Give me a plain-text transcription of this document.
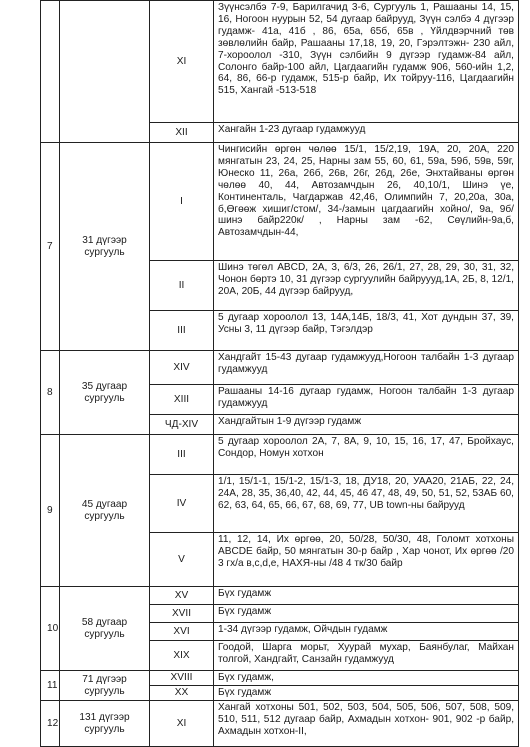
		XI	Зүүнсэлбэ 7-9, Барилгачид 3-6, Сургууль 1, Рашааны 14, 15, 16, Ногоон нуурын 52, 54 дугаар байрууд, Зүүн сэлбэ 4 дүгээр гудамж- 41а, 41б , 86, 65а, 65б, 65в , Үйлдвэрчний төв зөвлөлийн байр, Рашааны 17,18, 19, 20, Гэрэлтэжн- 230 айл, 7-хороолол -310, Зүүн сэлбийн 9 дүгээр гудамж-84 айл, Солонго байр-100 айл, Цагдаагийн гудамж 906, 560-ийн 1,2, 64, 86, 66-р гудамж, 515-р байр, Их тойруу-116, Цагдаагийн 515, Хангай -513-518
		XII	Хангайн 1-23 дугаар гудамжууд
7	31 дүгээр сургууль	I	Чингисийн өргөн чөлөө 15/1, 15/2,19, 19А, 20, 20А, 220 мянгатын 23, 24, 25, Нарны зам 55, 60, 61, 59а, 59б, 59в, 59г, Юнеско 11, 26а, 26б, 26в, 26г, 26д, 26е, Энхтайваны өргөн чөлөө 40, 44, Автозамчдын 26, 40,10/1, Шинэ үе, Континенталь, Чагдаржав 42,46, Олимпийн 7, 20,20а, 30а, б,Өгөөж хишиг/стом/, 34-/замын цагдаагийн хойно/, 9а, 9б/шинэ байр220к/ , Нарны зам -62, Сөүлийн-9а,б, Автозамчдын-44,
		II	Шинэ төгөл ABCD, 2A, 3, 6/3, 26, 26/1, 27, 28, 29, 30, 31, 32, Чонон бөртэ 10, 31 дүгээр сургуулийн байруууд,1А, 2Б, 8, 12/1, 20А, 20Б, 44 дүгээр байрууд,
		III	5 дугаар хороолол 13, 14А,14Б, 18/3, 41, Хот дундын 37, 39, Усны 3, 11 дүгээр байр, Тэгэлдэр
8	35 дугаар сургууль	XIV	Хандгайт 15-43 дугаар гудамжууд,Ногоон талбайн 1-3 дугаар гудамжууд
		XIII	Рашааны 14-16 дугаар гудамж, Ногоон талбайн 1-3 дугаар гудамжууд
		ЧД-XIV	Хандгайтын 1-9 дүгээр гудамж
9	45 дугаар сургууль	III	5 дугаар хороолол 2А, 7, 8А, 9, 10, 15, 16, 17, 47, Бройхаус, Сондор, Номун хотхон
		IV	1/1, 15/1-1, 15/1-2, 15/1-3, 18, ДУ18, 20, УАА20, 21АБ, 22, 24, 24А, 28, 35, 36,40, 42, 44, 45, 46 47, 48, 49, 50, 51, 52, 53АБ 60, 62, 63, 64, 65, 66, 67, 68, 69, 77, UB town-ны байрууд
		V	11, 12, 14, Их өргөө, 20, 50/28, 50/30, 48, Голомт хотхоны ABCDE байр, 50 мянгатын 30-р байр , Хар чонот, Их өргөө /20 3 гх/а в,с,d,e, НАХЯ-ны /48 4 тк/30 байр
10	58 дугаар сургууль	XV	Бүх гудамж
		XVII	Бүх гудамж
		XVI	1-34 дүгээр гудамж, Ойчдын гудамж
		XIX	Гоодой, Шарга морьт, Хуурай мухар, Баянбулаг, Майхан толгой, Хандгайт, Санзайн гудамжууд
11	71 дүгээр сургууль	XVIII	Бүх гудамж,
		XX	Бүх гудамж
12	131 дүгээр сургууль	XI	Хангай хотхоны 501, 502, 503, 504, 505, 506, 507, 508, 509, 510, 511, 512 дугаар байр, Ахмадын хотхон- 901, 902 -р байр, Ахмадын хотхон-II,
